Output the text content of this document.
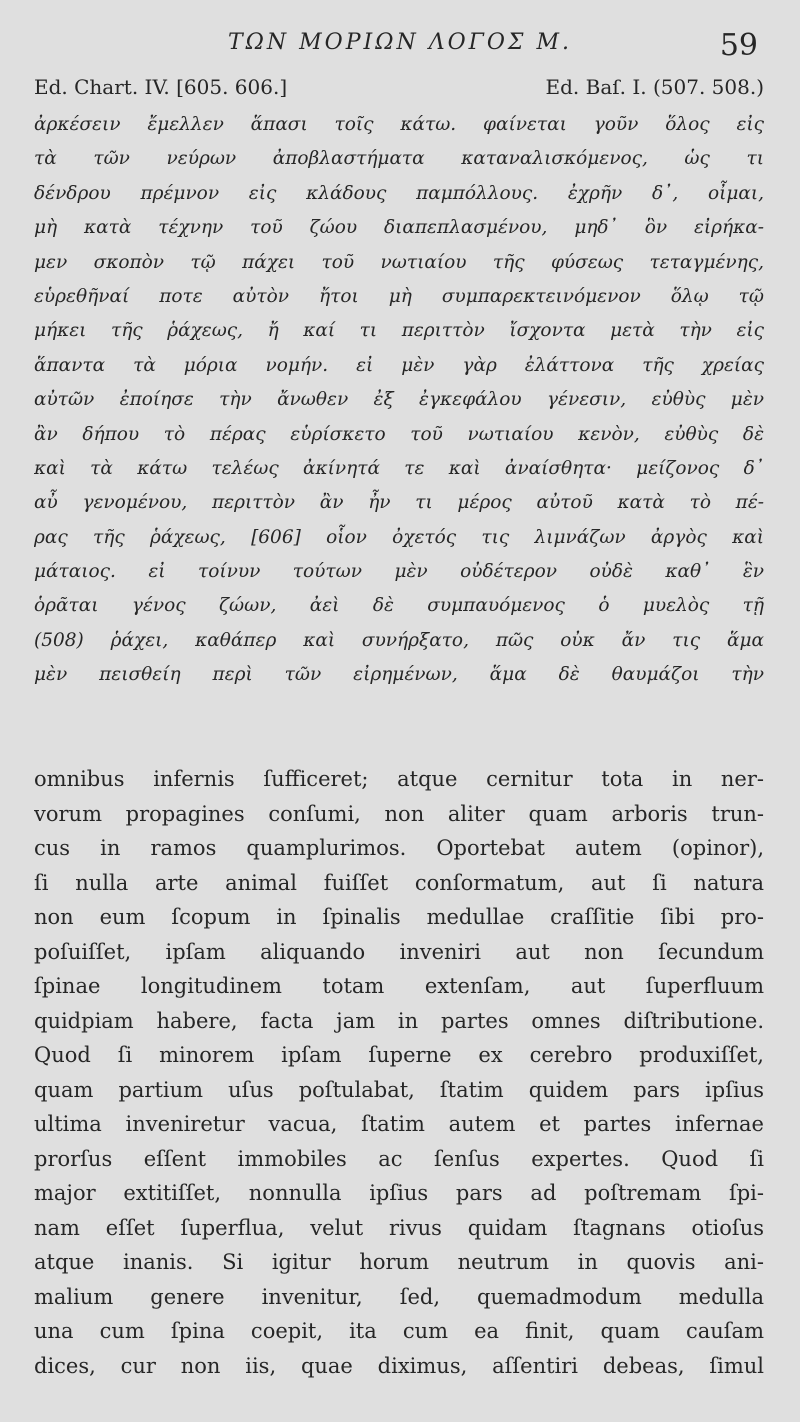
ΤΩΝ ΜΟΡΙΩΝ ΛΟΓΟΣ Μ.	59
Ed. Chart. IV. [605. 606.]	Ed. Baſ. I. (507. 508.)
ἀρκέσειν ἔμελλεν ἅπασι τοῖς κάτω. φαίνεται γοῦν ὅλος εἰς
τὰ τῶν νεύρων ἀποβλαστήματα καταναλισκόμενος, ὡς τι
δένδρου πρέμνον εἰς κλάδους παμπόλλους. ἐχρῆν δ᾽, οἶμαι,
μὴ κατὰ τέχνην τοῦ ζώου διαπεπλασμένου, μηδ᾽ ὃν εἰρήκα-
μεν σκοπὸν τῷ πάχει τοῦ νωτιαίου τῆς φύσεως τεταγμένης,
εὑρεθῆναί ποτε αὐτὸν ἤτοι μὴ συμπαρεκτεινόμενον ὅλῳ τῷ
μήκει τῆς ῥάχεως, ἤ καί τι περιττὸν ἴσχοντα μετὰ τὴν εἰς
ἅπαντα τὰ μόρια νομήν. εἰ μὲν γὰρ ἐλάττονα τῆς χρείας
αὐτῶν ἐποίησε τὴν ἄνωθεν ἐξ ἐγκεφάλου γένεσιν, εὐθὺς μὲν
ἂν δήπου τὸ πέρας εὑρίσκετο τοῦ νωτιαίου κενὸν, εὐθὺς δὲ
καὶ τὰ κάτω τελέως ἀκίνητά τε καὶ ἀναίσθητα· μείζονος δ᾽
αὖ γενομένου, περιττὸν ἂν ἦν τι μέρος αὐτοῦ κατὰ τὸ πέ-
ρας τῆς ῥάχεως, [606] οἷον ὀχετός τις λιμνάζων ἀργὸς καὶ
μάταιος. εἰ τοίνυν τούτων μὲν οὐδέτερον οὐδὲ καθ᾽ ἓν
ὁρᾶται γένος ζώων, ἀεὶ δὲ συμπαυόμενος ὁ μυελὸς τῇ
(508) ῥάχει, καθάπερ καὶ συνήρξατο, πῶς οὐκ ἄν τις ἅμα
μὲν πεισθείη περὶ τῶν εἰρημένων, ἅμα δὲ θαυμάζοι τὴν
omnibus infernis ſufficeret; atque cernitur tota in ner-
vorum propagines conſumi, non aliter quam arboris trun-
cus in ramos quamplurimos. Oportebat autem (opinor),
ſi nulla arte animal fuiſſet conſormatum, aut ſi natura
non eum ſcopum in ſpinalis medullae craſſitie ſibi pro-
poſuiſſet, ipſam aliquando inveniri aut non ſecundum
ſpinae longitudinem totam extenſam, aut ſuperfluum
quidpiam habere, facta jam in partes omnes diſtributione.
Quod ſi minorem ipſam ſuperne ex cerebro produxiſſet,
quam partium uſus poſtulabat, ſtatim quidem pars ipſius
ultima inveniretur vacua, ſtatim autem et partes infernae
prorſus eſſent immobiles ac ſenſus expertes. Quod ſi
major extitiſſet, nonnulla ipſius pars ad poſtremam ſpi-
nam eſſet ſuperflua, velut rivus quidam ſtagnans otioſus
atque inanis. Si igitur horum neutrum in quovis ani-
malium genere invenitur, ſed, quemadmodum medulla
una cum ſpina coepit, ita cum ea finit, quam cauſam
dices, cur non iis, quae diximus, aſſentiri debeas, ſimul
